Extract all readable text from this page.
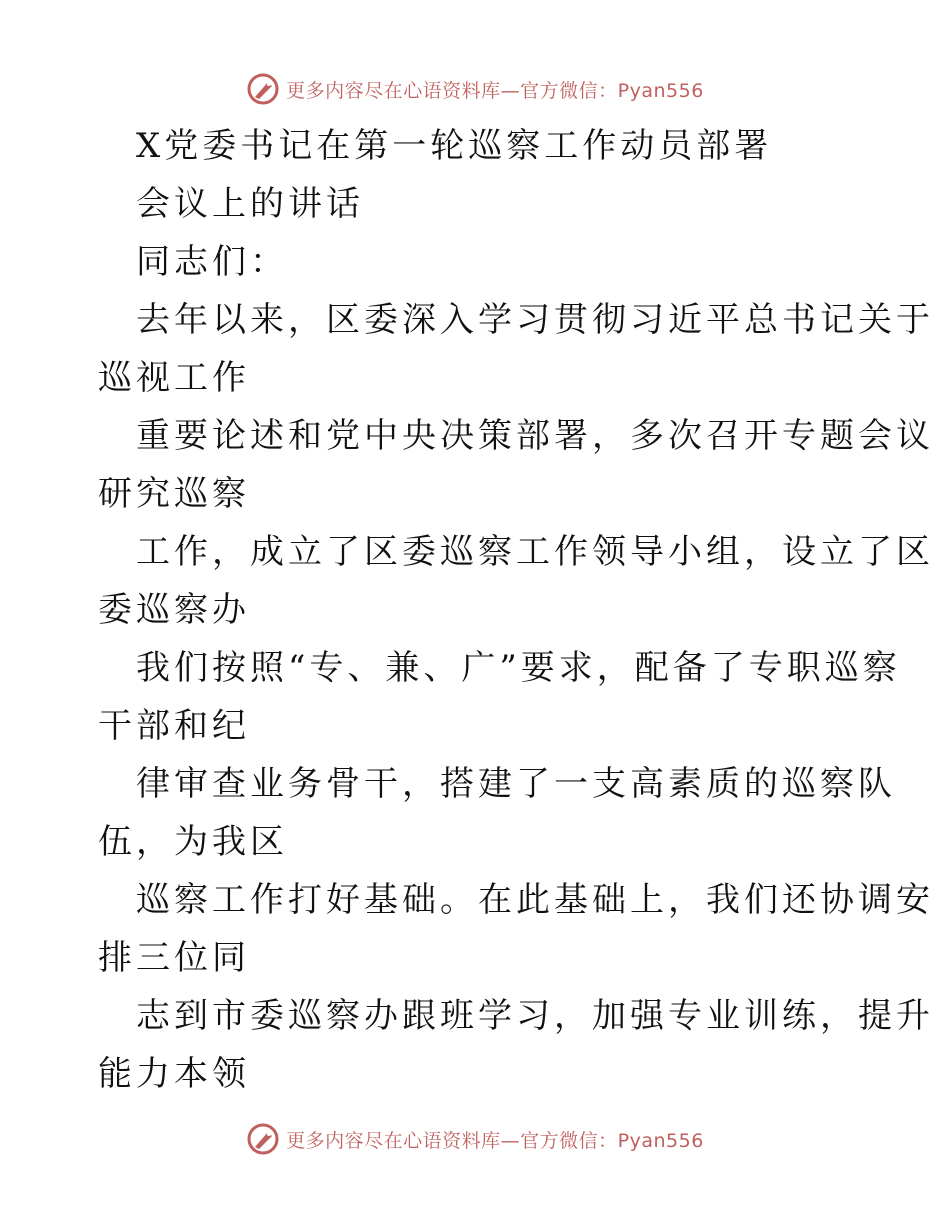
更多内容尽在心语资料库—官方微信：Pyan556
X党委书记在第一轮巡察工作动员部署
会议上的讲话
同志们：
去年以来，区委深入学习贯彻习近平总书记关于
巡视工作
重要论述和党中央决策部署，多次召开专题会议
研究巡察
工作，成立了区委巡察工作领导小组，设立了区
委巡察办
我们按照“专、兼、广”要求，配备了专职巡察
干部和纪
律审查业务骨干，搭建了一支高素质的巡察队
伍，为我区
巡察工作打好基础。在此基础上，我们还协调安
排三位同
志到市委巡察办跟班学习，加强专业训练，提升
能力本领
更多内容尽在心语资料库—官方微信：Pyan556
